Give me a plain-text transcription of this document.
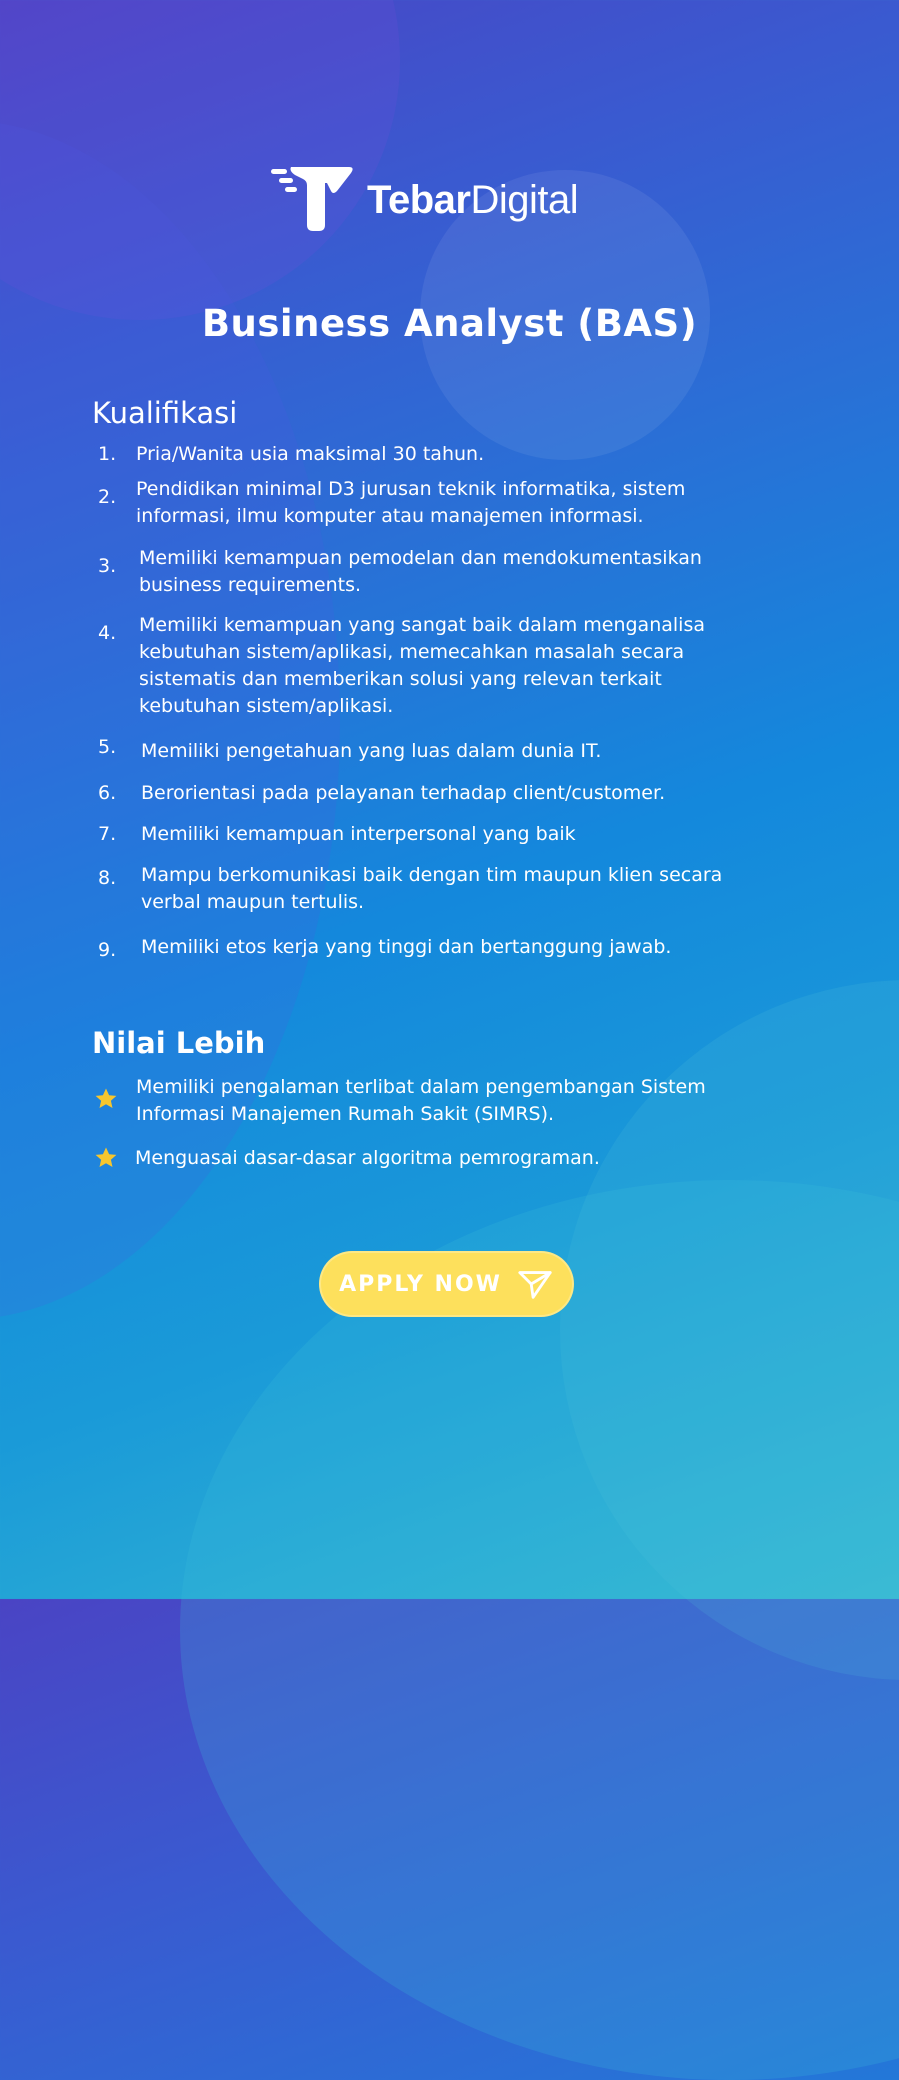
TebarDigital
Business Analyst (BAS)
Kualifikasi
1.	Pria/Wanita usia maksimal 30 tahun.
2.	Pendidikan minimal D3 jurusan teknik informatika, sistem
informasi, ilmu komputer atau manajemen informasi.
3.	Memiliki kemampuan pemodelan dan mendokumentasikan
business requirements.
4.	Memiliki kemampuan yang sangat baik dalam menganalisa
kebutuhan sistem/aplikasi, memecahkan masalah secara
sistematis dan memberikan solusi yang relevan terkait
kebutuhan sistem/aplikasi.
5.	Memiliki pengetahuan yang luas dalam dunia IT.
6.	Berorientasi pada pelayanan terhadap client/customer.
7.	Memiliki kemampuan interpersonal yang baik
8.	Mampu berkomunikasi baik dengan tim maupun klien secara
verbal maupun tertulis.
9.	Memiliki etos kerja yang tinggi dan bertanggung jawab.
Nilai Lebih
Memiliki pengalaman terlibat dalam pengembangan Sistem
Informasi Manajemen Rumah Sakit (SIMRS).
Menguasai dasar-dasar algoritma pemrograman.
APPLY NOW
